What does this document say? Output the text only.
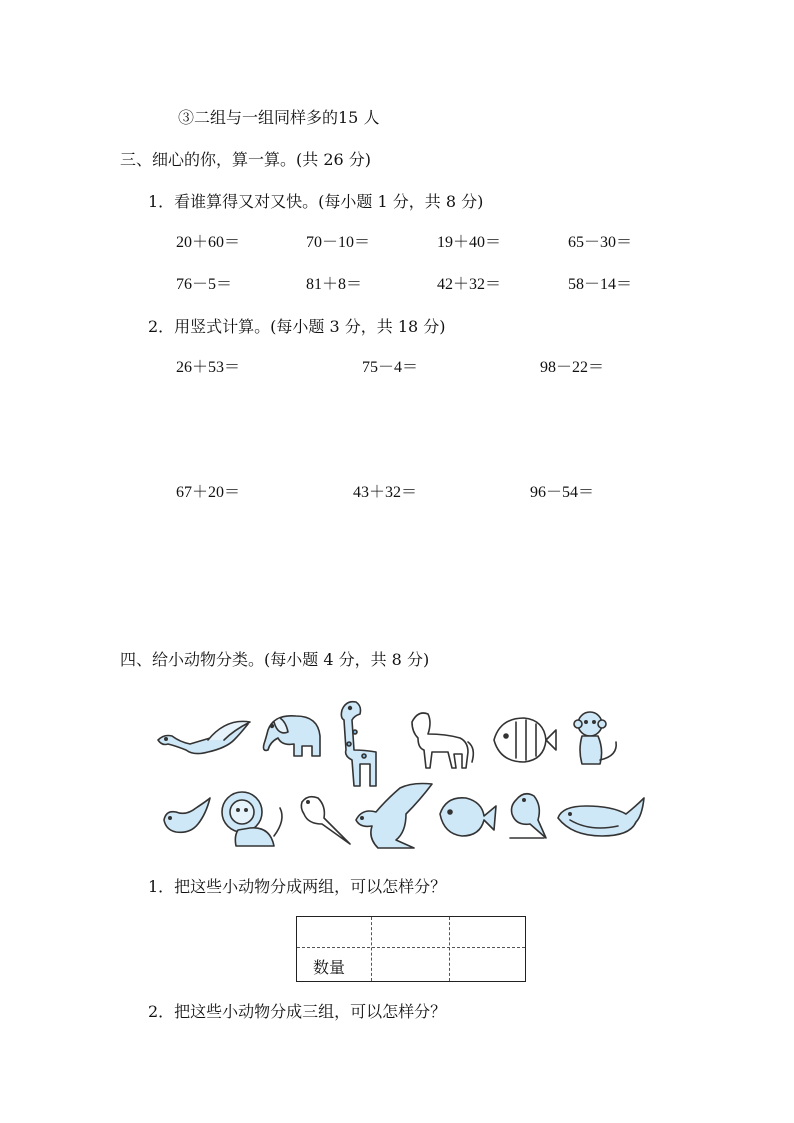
③二组与一组同样多的15 人
三、细心的你，算一算。(共 26 分)
1．看谁算得又对又快。(每小题 1 分，共 8 分)
20＋60＝	70－10＝	19＋40＝	65－30＝
76－5＝	81＋8＝	42＋32＝	58－14＝
2．用竖式计算。(每小题 3 分，共 18 分)
26＋53＝	75－4＝	98－22＝
67＋20＝	43＋32＝	96－54＝
四、给小动物分类。(每小题 4 分，共 8 分)
1．把这些小动物分成两组，可以怎样分？
数量
2．把这些小动物分成三组，可以怎样分？
